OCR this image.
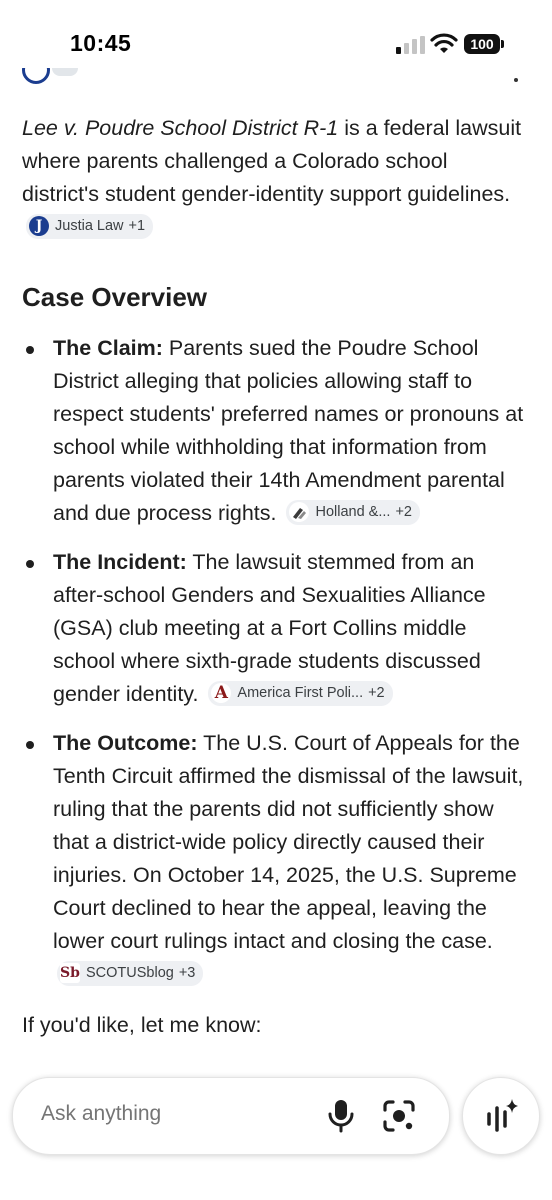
10:45	100

Lee v. Poudre School District R-1 is a federal lawsuit where parents challenged a Colorado school district's student gender-identity support guidelines.
J Justia Law +1

Case Overview
The Claim: Parents sued the Poudre School District alleging that policies allowing staff to respect students' preferred names or pronouns at school while withholding that information from parents violated their 14th Amendment parental and due process rights.	Holland &... +2
The Incident: The lawsuit stemmed from an after-school Genders and Sexualities Alliance (GSA) club meeting at a Fort Collins middle school where sixth-grade students discussed gender identity. A America First Poli... +2
The Outcome: The U.S. Court of Appeals for the Tenth Circuit affirmed the dismissal of the lawsuit, ruling that the parents did not sufficiently show that a district-wide policy directly caused their injuries. On October 14, 2025, the U.S. Supreme Court declined to hear the appeal, leaving the lower court rulings intact and closing the case.
Sb SCOTUSblog +3

If you'd like, let me know:

Ask anything
